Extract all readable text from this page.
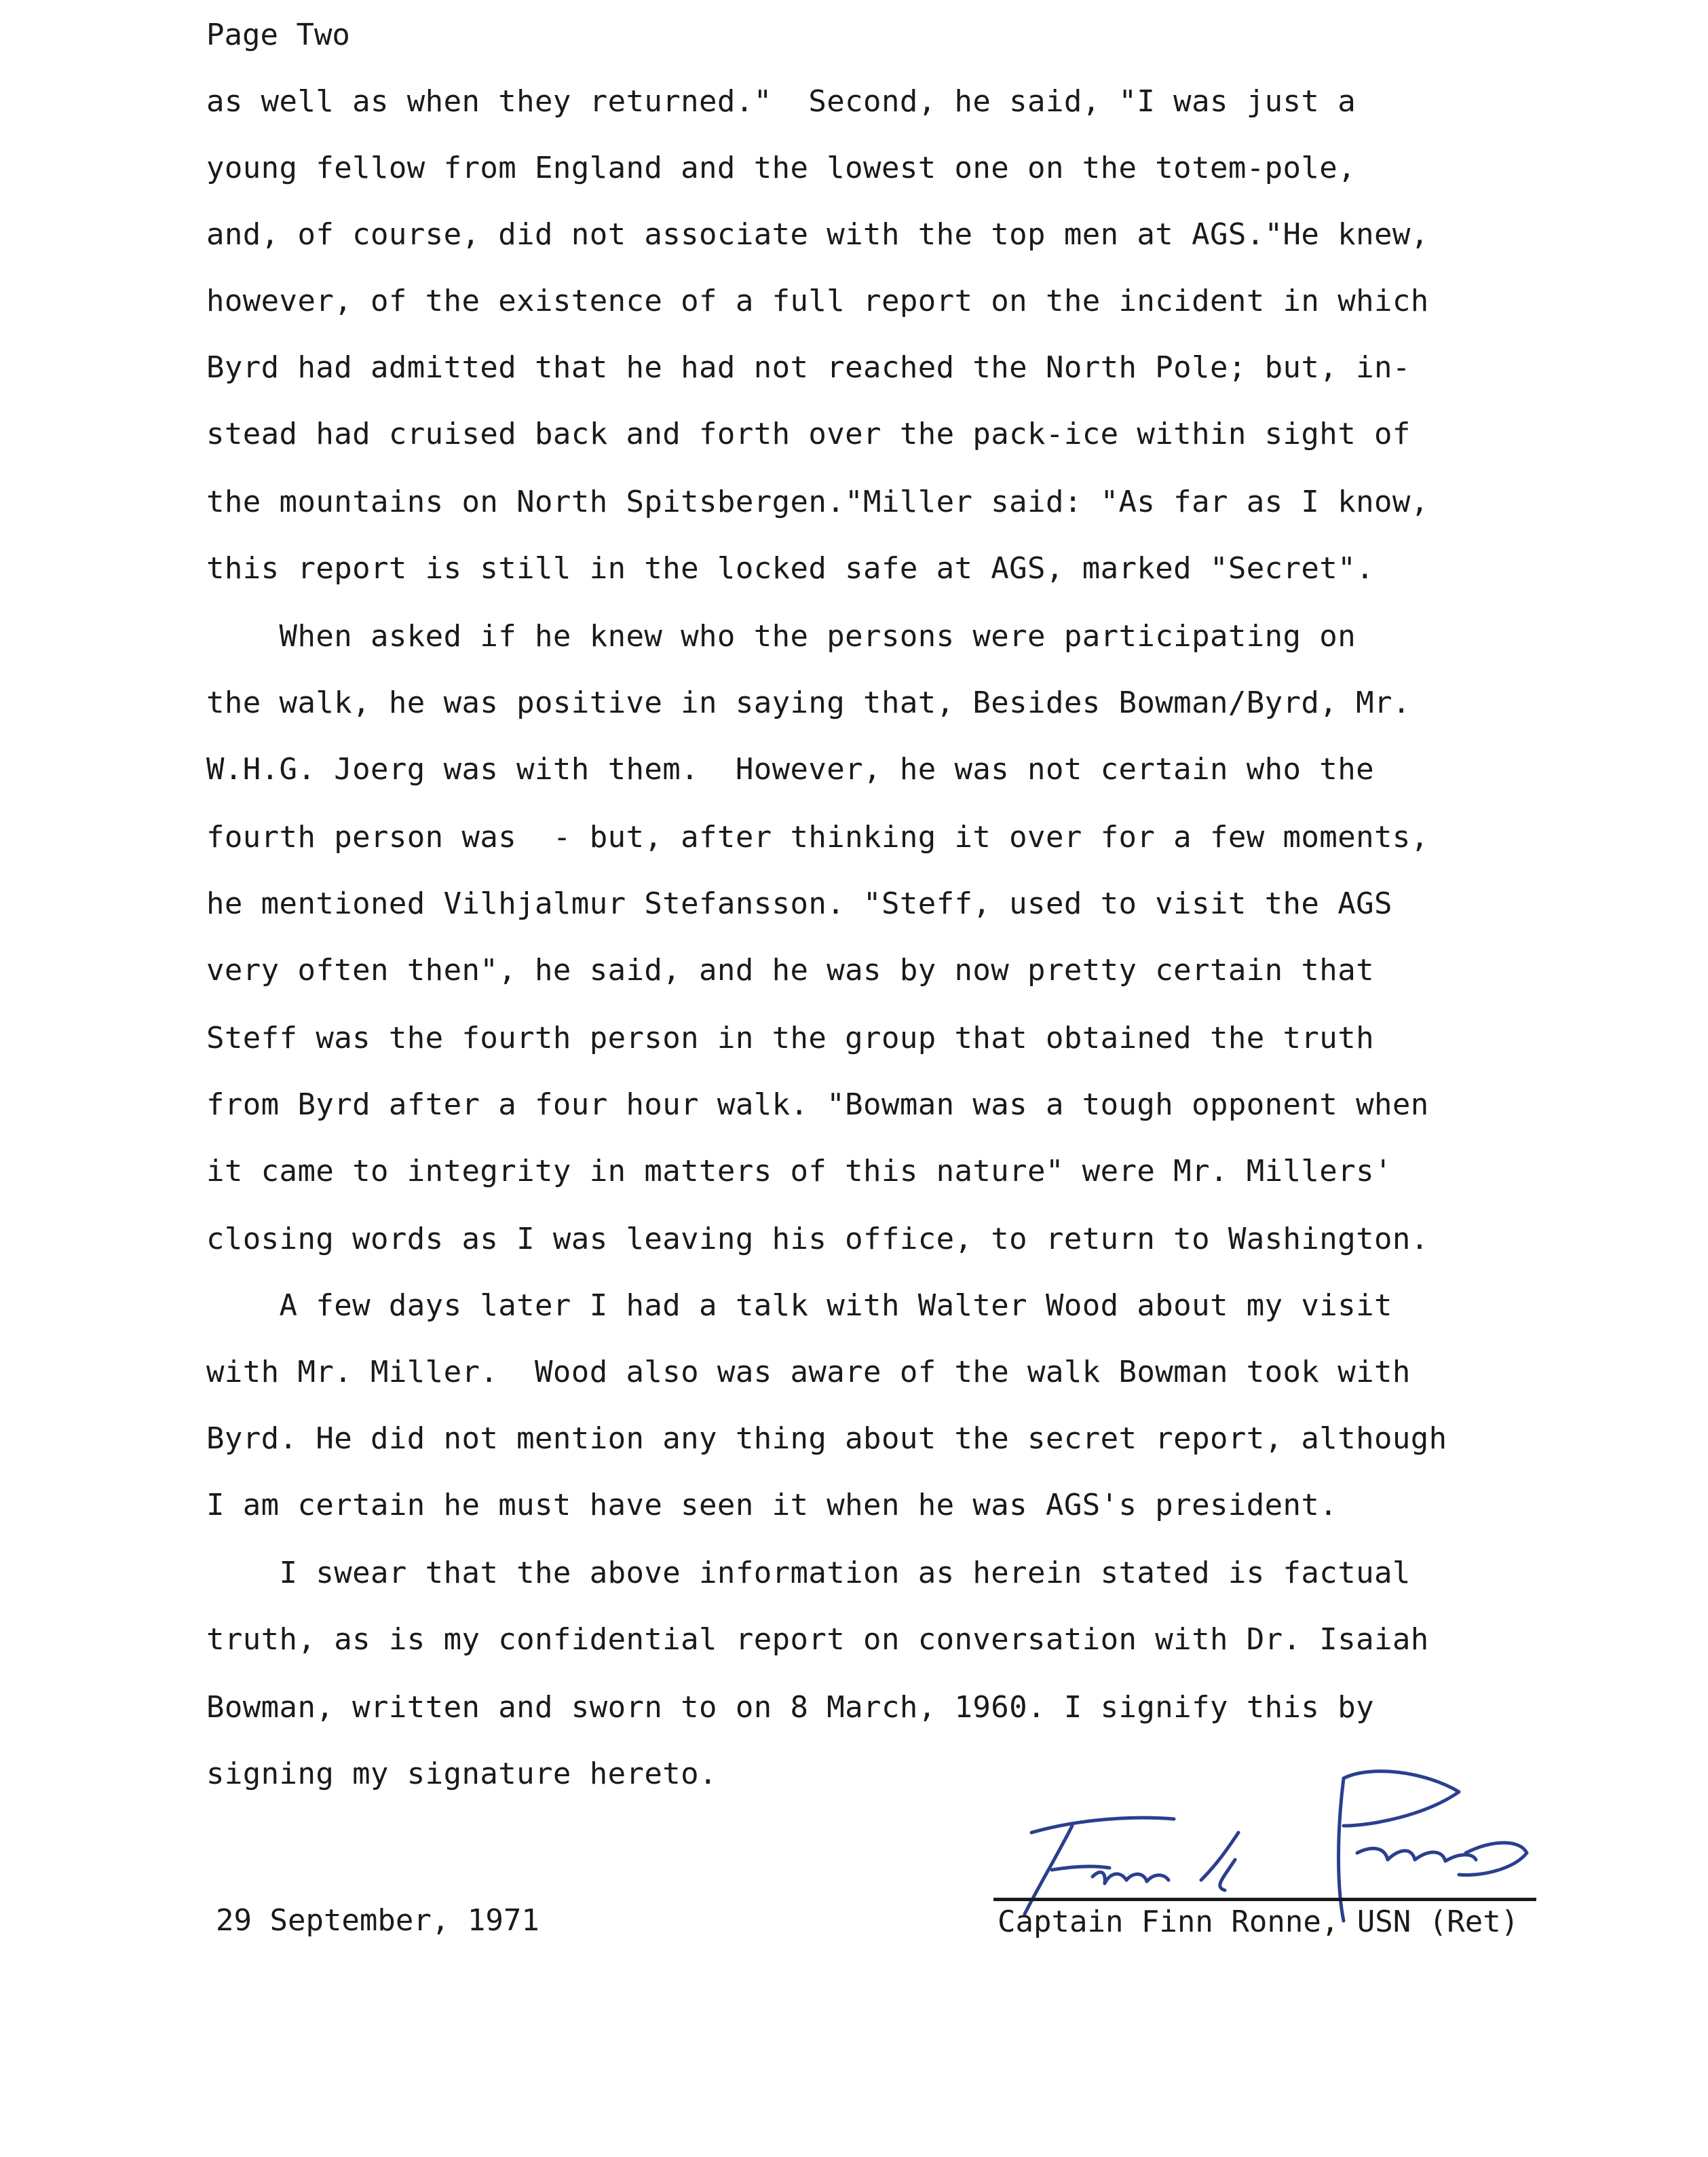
Page Two
as well as when they returned."  Second, he said, "I was just a
young fellow from England and the lowest one on the totem-pole,
and, of course, did not associate with the top men at AGS."He knew,
however, of the existence of a full report on the incident in which
Byrd had admitted that he had not reached the North Pole; but, in-
stead had cruised back and forth over the pack-ice within sight of
the mountains on North Spitsbergen."Miller said: "As far as I know,
this report is still in the locked safe at AGS, marked "Secret".
When asked if he knew who the persons were participating on
the walk, he was positive in saying that, Besides Bowman/Byrd, Mr.
W.H.G. Joerg was with them.  However, he was not certain who the
fourth person was  - but, after thinking it over for a few moments,
he mentioned Vilhjalmur Stefansson. "Steff, used to visit the AGS
very often then", he said, and he was by now pretty certain that
Steff was the fourth person in the group that obtained the truth
from Byrd after a four hour walk. "Bowman was a tough opponent when
it came to integrity in matters of this nature" were Mr. Millers'
closing words as I was leaving his office, to return to Washington.
A few days later I had a talk with Walter Wood about my visit
with Mr. Miller.  Wood also was aware of the walk Bowman took with
Byrd. He did not mention any thing about the secret report, although
I am certain he must have seen it when he was AGS's president.
I swear that the above information as herein stated is factual
truth, as is my confidential report on conversation with Dr. Isaiah
Bowman, written and sworn to on 8 March, 1960. I signify this by
signing my signature hereto.
29 September, 1971	Captain Finn Ronne, USN (Ret)
